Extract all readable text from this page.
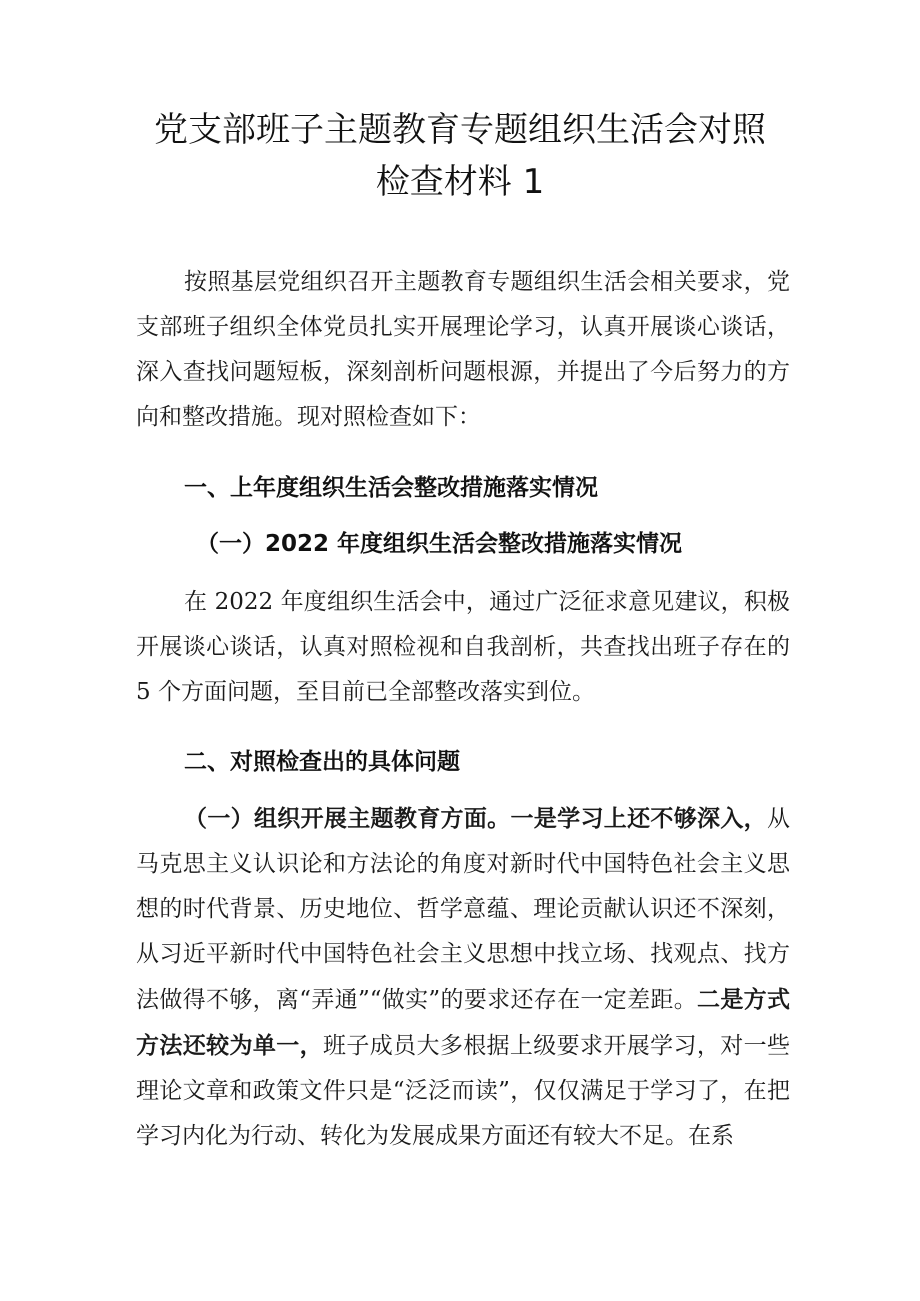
党支部班子主题教育专题组织生活会对照
检查材料 1

按照基层党组织召开主题教育专题组织生活会相关要求，党支部班子组织全体党员扎实开展理论学习，认真开展谈心谈话，深入查找问题短板，深刻剖析问题根源，并提出了今后努力的方向和整改措施。现对照检查如下：

一、上年度组织生活会整改措施落实情况

（一）2022 年度组织生活会整改措施落实情况

在 2022 年度组织生活会中，通过广泛征求意见建议，积极开展谈心谈话，认真对照检视和自我剖析，共查找出班子存在的 5 个方面问题，至目前已全部整改落实到位。

二、对照检查出的具体问题

（一）组织开展主题教育方面。一是学习上还不够深入，从马克思主义认识论和方法论的角度对新时代中国特色社会主义思想的时代背景、历史地位、哲学意蕴、理论贡献认识还不深刻，从习近平新时代中国特色社会主义思想中找立场、找观点、找方法做得不够，离“弄通”“做实”的要求还存在一定差距。二是方式方法还较为单一，班子成员大多根据上级要求开展学习，对一些理论文章和政策文件只是“泛泛而读”，仅仅满足于学习了，在把学习内化为行动、转化为发展成果方面还有较大不足。在系
